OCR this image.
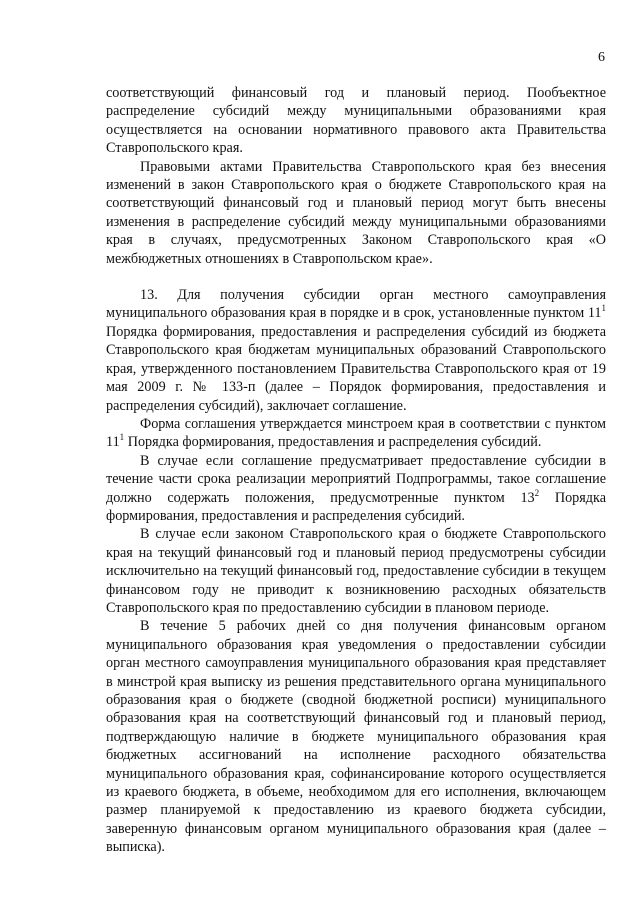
6

соответствующий финансовый год и плановый период. Пообъектное распределение субсидий между муниципальными образованиями края осуществляется на основании нормативного правового акта Правительства Ставропольского края.

Правовыми актами Правительства Ставропольского края без внесения изменений в закон Ставропольского края о бюджете Ставропольского края на соответствующий финансовый год и плановый период могут быть внесены изменения в распределение субсидий между муниципальными образованиями края в случаях, предусмотренных Законом Ставропольского края «О межбюджетных отношениях в Ставропольском крае».

13. Для получения субсидии орган местного самоуправления муниципального образования края в порядке и в срок, установленные пунктом $11^1$ Порядка формирования, предоставления и распределения субсидий из бюджета Ставропольского края бюджетам муниципальных образований Ставропольского края, утвержденного постановлением Правительства Ставропольского края от 19 мая 2009 г. № 133-п (далее – Порядок формирования, предоставления и распределения субсидий), заключает соглашение.

Форма соглашения утверждается минстроем края в соответствии с пунктом $11^1$ Порядка формирования, предоставления и распределения субсидий.

В случае если соглашение предусматривает предоставление субсидии в течение части срока реализации мероприятий Подпрограммы, такое соглашение должно содержать положения, предусмотренные пунктом $13^2$ Порядка формирования, предоставления и распределения субсидий.

В случае если законом Ставропольского края о бюджете Ставропольского края на текущий финансовый год и плановый период предусмотрены субсидии исключительно на текущий финансовый год, предоставление субсидии в текущем финансовом году не приводит к возникновению расходных обязательств Ставропольского края по предоставлению субсидии в плановом периоде.

В течение 5 рабочих дней со дня получения финансовым органом муниципального образования края уведомления о предоставлении субсидии орган местного самоуправления муниципального образования края представляет в минстрой края выписку из решения представительного органа муниципального образования края о бюджете (сводной бюджетной росписи) муниципального образования края на соответствующий финансовый год и плановый период, подтверждающую наличие в бюджете муниципального образования края бюджетных ассигнований на исполнение расходного обязательства муниципального образования края, софинансирование которого осуществляется из краевого бюджета, в объеме, необходимом для его исполнения, включающем размер планируемой к предоставлению из краевого бюджета субсидии, заверенную финансовым органом муниципального образования края (далее – выписка).
